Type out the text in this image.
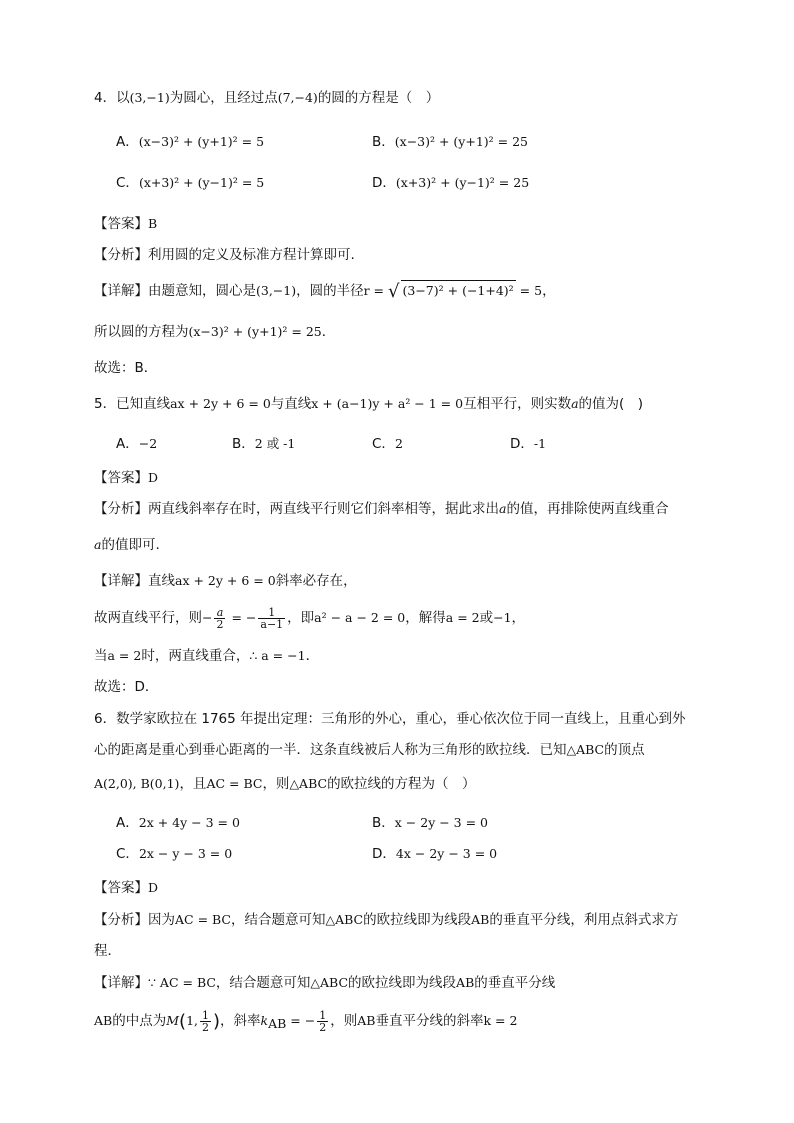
4．以(3,−1)为圆心，且经过点(7,−4)的圆的方程是（　）
A．(x−3)² + (y+1)² = 5	B．(x−3)² + (y+1)² = 25
C．(x+3)² + (y−1)² = 5	D．(x+3)² + (y−1)² = 25
【答案】B
【分析】利用圆的定义及标准方程计算即可.
【详解】由题意知，圆心是(3,−1)，圆的半径r = √ (3−7)² + (−1+4)² = 5，
所以圆的方程为(x−3)² + (y+1)² = 25．
故选：B．
5．已知直线ax + 2y + 6 = 0与直线x + (a−1)y + a² − 1 = 0互相平行，则实数a的值为(　)
A．−2	B．2 或 -1	C．2	D．-1
【答案】D
【分析】两直线斜率存在时，两直线平行则它们斜率相等，据此求出a的值，再排除使两直线重合
a的值即可.
【详解】直线ax + 2y + 6 = 0斜率必存在，
故两直线平行，则− $\frac{a}{2}$ = − $\frac{1}{a-1}$ ，即a² − a − 2 = 0，解得a = 2或−1，
当a = 2时，两直线重合，∴ a = −1．
故选：D．
6．数学家欧拉在 1765 年提出定理：三角形的外心，重心，垂心依次位于同一直线上，且重心到外
心的距离是重心到垂心距离的一半．这条直线被后人称为三角形的欧拉线．已知△ABC的顶点
A(2,0), B(0,1)，且AC = BC，则△ABC的欧拉线的方程为（　）
A．2x + 4y − 3 = 0	B．x − 2y − 3 = 0
C．2x − y − 3 = 0	D．4x − 2y − 3 = 0
【答案】D
【分析】因为AC = BC，结合题意可知△ABC的欧拉线即为线段AB的垂直平分线，利用点斜式求方
程．
【详解】∵ AC = BC，结合题意可知△ABC的欧拉线即为线段AB的垂直平分线
AB的中点为M(1, $\frac{1}{2}$ )，斜率$k_{AB}$ = − $\frac{1}{2}$ ，则AB垂直平分线的斜率k = 2
